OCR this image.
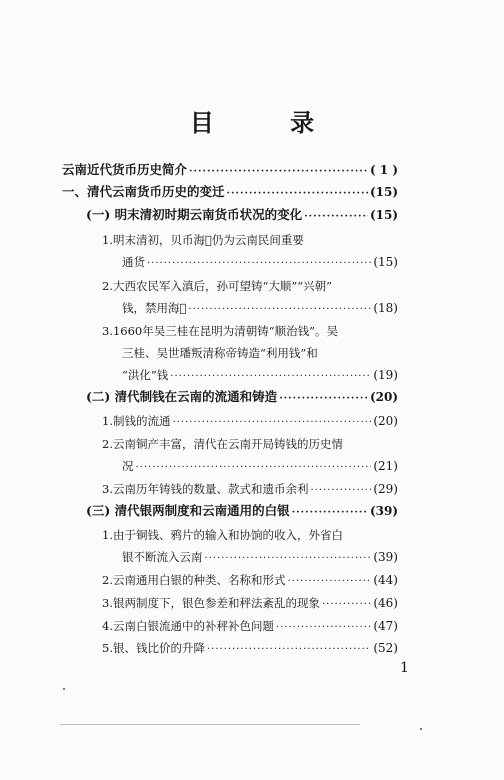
目 录
云南近代货币历史简介 ·····	( 1 )
一、清代云南货币历史的变迁 ·····	(15)
(一) 明末清初时期云南货币状况的变化 ·····	(15)
1.明末清初，贝币海𧴩仍为云南民间重要
通货 ·····	(15)
2.大西农民军入滇后，孙可望铸“大顺”“兴朝”
钱，禁用海𧴩 ·····	(18)
3.1660年吴三桂在昆明为清朝铸“顺治钱”。吴
三桂、吴世璠叛清称帝铸造“利用钱”和
“洪化”钱 ·····	(19)
(二) 清代制钱在云南的流通和铸造 ·····	(20)
1.制钱的流通 ·····	(20)
2.云南铜产丰富，清代在云南开局铸钱的历史情
况 ·····	(21)
3.云南历年铸钱的数量、款式和遗币余利 ·····	(29)
(三) 清代银两制度和云南通用的白银 ·····	(39)
1.由于铜钱、鸦片的输入和协饷的收入，外省白
银不断流入云南 ·····	(39)
2.云南通用白银的种类、名称和形式 ·····	(44)
3.银两制度下，银色参差和秤法紊乱的现象 ·····	(46)
4.云南白银流通中的补秤补色问题 ·····	(47)
5.银、钱比价的升降 ·····	(52)
1
